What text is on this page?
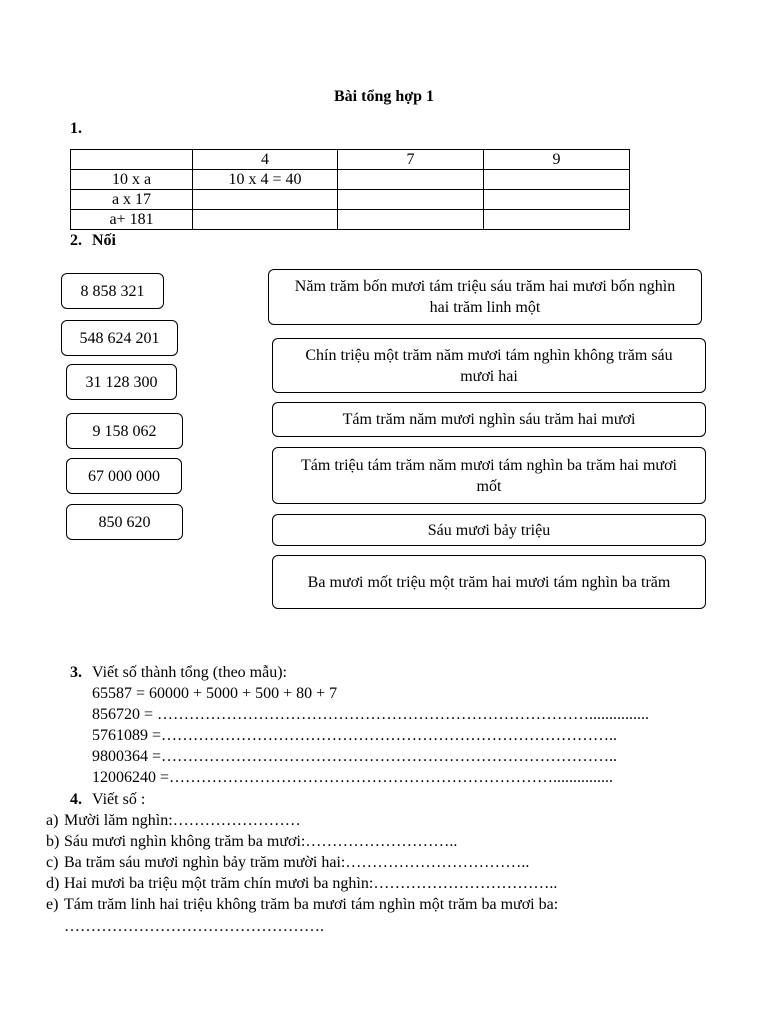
Bài tổng hợp 1
1.
	4	7	9
10 x a	10 x 4 = 40		
a x 17			
a+ 181			
2. Nối
8 858 321
548 624 201
31 128 300
9 158 062
67 000 000
850 620
Năm trăm bốn mươi tám triệu sáu trăm hai mươi bốn nghìn hai trăm linh một
Chín triệu một trăm năm mươi tám nghìn không trăm sáu mươi hai
Tám trăm năm mươi nghìn sáu trăm hai mươi
Tám triệu tám trăm năm mươi tám nghìn ba trăm hai mươi mốt
Sáu mươi bảy triệu
Ba mươi mốt triệu một trăm hai mươi tám nghìn ba trăm
3. Viết số thành tổng (theo mẫu):
65587 = 60000 + 5000 + 500 + 80 + 7
856720 = ………………………………………………………………………...............
5761089 =…………………………………………………………………………..
9800364 =…………………………………………………………………………..
12006240 =………………………………………………………………...............
4. Viết số :
a) Mười lăm nghìn:……………………
b) Sáu mươi nghìn không trăm ba mươi:………………………..
c) Ba trăm sáu mươi nghìn bảy trăm mười hai:……………………………..
d) Hai mươi ba triệu một trăm chín mươi ba nghìn:……………………………..
e) Tám trăm linh hai triệu không trăm ba mươi tám nghìn một trăm ba mươi ba:
………………………………………….
